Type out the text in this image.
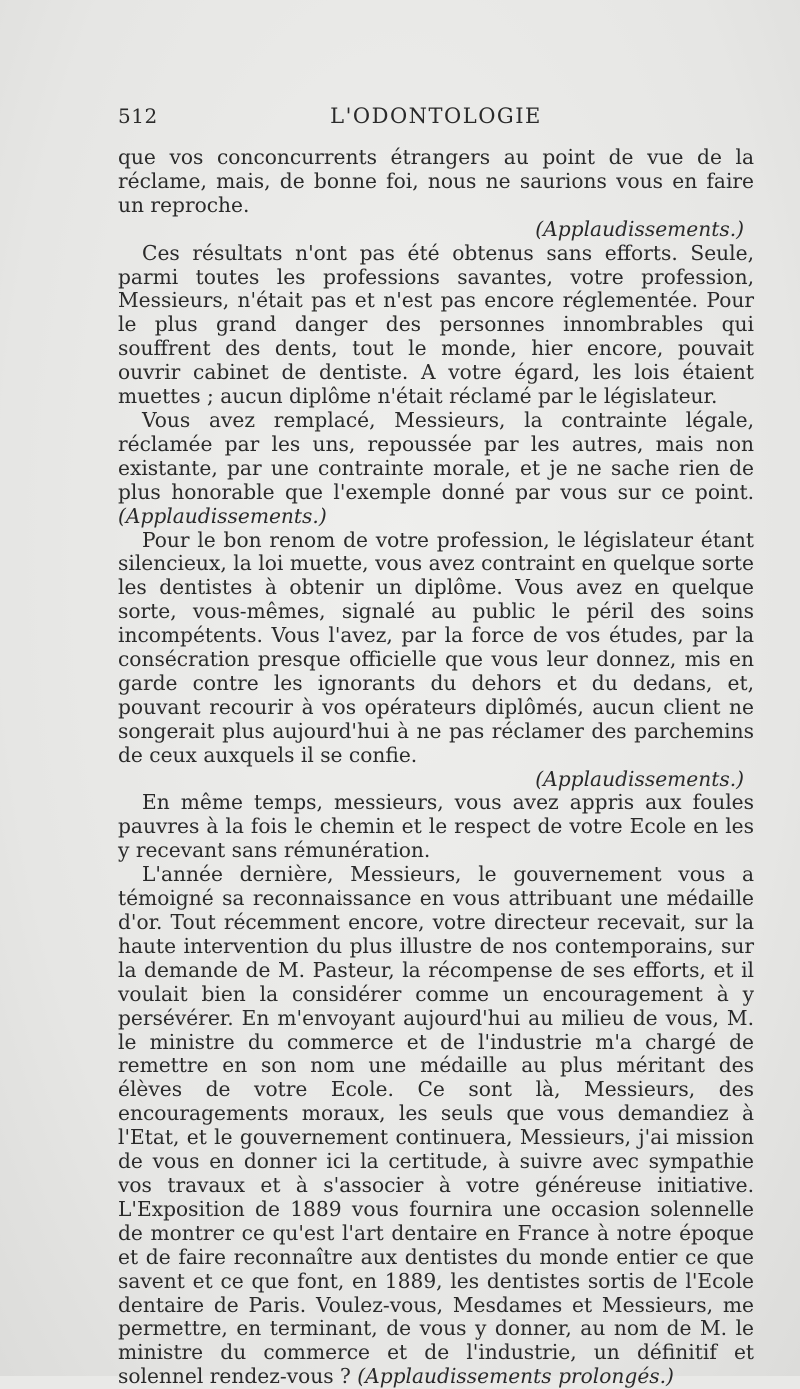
512	L'ODONTOLOGIE

que vos conconcurrents étrangers au point de vue de la réclame, mais, de bonne foi, nous ne saurions vous en faire un reproche.
(Applaudissements.)

Ces résultats n'ont pas été obtenus sans efforts. Seule, parmi toutes les professions savantes, votre profession, Messieurs, n'était pas et n'est pas encore réglementée. Pour le plus grand danger des personnes innombrables qui souffrent des dents, tout le monde, hier encore, pouvait ouvrir cabinet de dentiste. A votre égard, les lois étaient muettes ; aucun diplôme n'était réclamé par le législateur.

Vous avez remplacé, Messieurs, la contrainte légale, réclamée par les uns, repoussée par les autres, mais non existante, par une contrainte morale, et je ne sache rien de plus honorable que l'exemple donné par vous sur ce point. (Applaudissements.)

Pour le bon renom de votre profession, le législateur étant silencieux, la loi muette, vous avez contraint en quelque sorte les dentistes à obtenir un diplôme. Vous avez en quelque sorte, vous-mêmes, signalé au public le péril des soins incompétents. Vous l'avez, par la force de vos études, par la consécration presque officielle que vous leur donnez, mis en garde contre les ignorants du dehors et du dedans, et, pouvant recourir à vos opérateurs diplômés, aucun client ne songerait plus aujourd'hui à ne pas réclamer des parchemins de ceux auxquels il se confie.
(Applaudissements.)

En même temps, messieurs, vous avez appris aux foules pauvres à la fois le chemin et le respect de votre Ecole en les y recevant sans rémunération.

L'année dernière, Messieurs, le gouvernement vous a témoigné sa reconnaissance en vous attribuant une médaille d'or. Tout récemment encore, votre directeur recevait, sur la haute intervention du plus illustre de nos contemporains, sur la demande de M. Pasteur, la récompense de ses efforts, et il voulait bien la considérer comme un encouragement à y persévérer. En m'envoyant aujourd'hui au milieu de vous, M. le ministre du commerce et de l'industrie m'a chargé de remettre en son nom une médaille au plus méritant des élèves de votre Ecole. Ce sont là, Messieurs, des encouragements moraux, les seuls que vous demandiez à l'Etat, et le gouvernement continuera, Messieurs, j'ai mission de vous en donner ici la certitude, à suivre avec sympathie vos travaux et à s'associer à votre généreuse initiative. L'Exposition de 1889 vous fournira une occasion solennelle de montrer ce qu'est l'art dentaire en France à notre époque et de faire reconnaître aux dentistes du monde entier ce que savent et ce que font, en 1889, les dentistes sortis de l'Ecole dentaire de Paris. Voulez-vous, Mesdames et Messieurs, me permettre, en terminant, de vous y donner, au nom de M. le ministre du commerce et de l'industrie, un définitif et solennel rendez-vous ? (Applaudissements prolongés.)
